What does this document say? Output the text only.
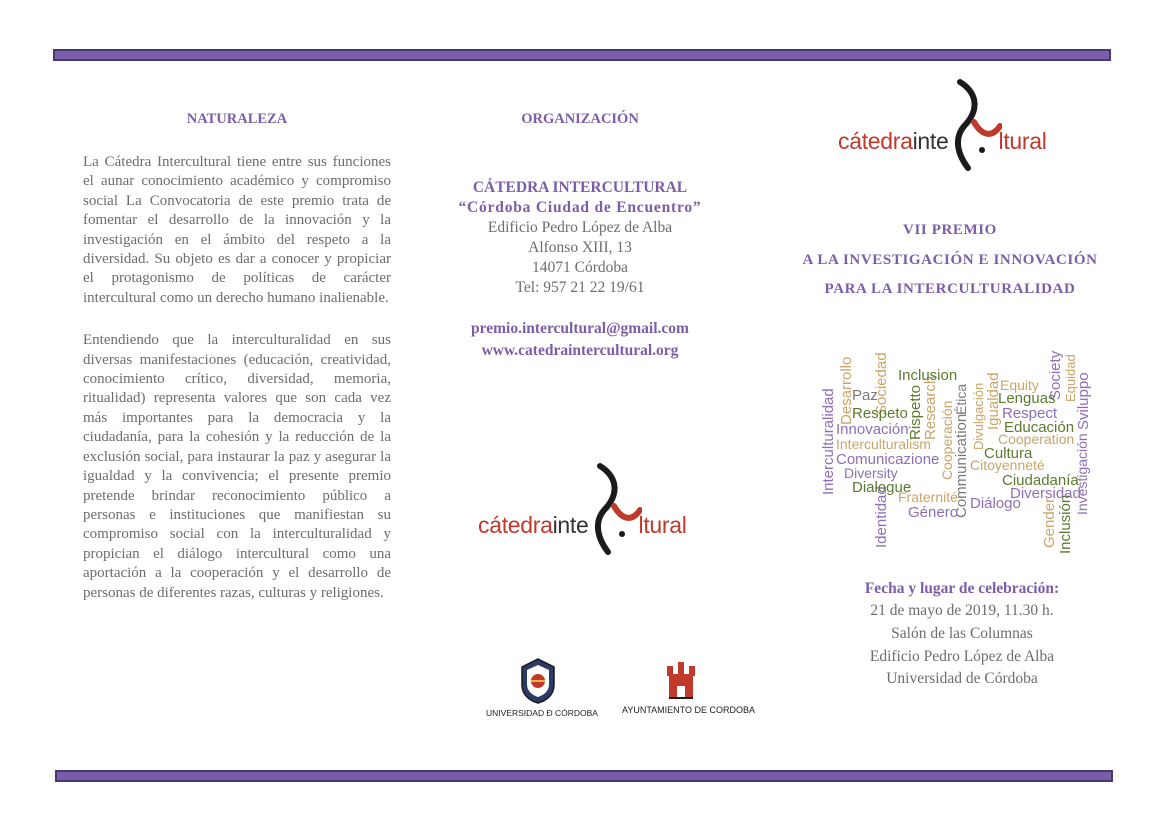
NATURALEZA

La Cátedra Intercultural tiene entre sus funciones el aunar conocimiento académico y compromiso social La Convocatoria de este premio trata de fomentar el desarrollo de la innovación y la investigación en el ámbito del respeto a la diversidad. Su objeto es dar a conocer y propiciar el protagonismo de políticas de carácter intercultural como un derecho humano inalienable.

Entendiendo que la interculturalidad en sus diversas manifestaciones (educación, creatividad, conocimiento crítico, diversidad, memoria, ritualidad) representa valores que son cada vez más importantes para la democracia y la ciudadanía, para la cohesión y la reducción de la exclusión social, para instaurar la paz y asegurar la igualdad y la convivencia; el presente premio pretende brindar reconocimiento público a personas e instituciones que manifiestan su compromiso social con la interculturalidad y propician el diálogo intercultural como una aportación a la cooperación y el desarrollo de personas de diferentes razas, culturas y religiones.

ORGANIZACIÓN
CÁTEDRA INTERCULTURAL
“Córdoba Ciudad de Encuentro”
Edificio Pedro López de Alba
Alfonso XIII, 13
14071 Córdoba
Tel: 957 21 22 19/61
premio.intercultural@gmail.com
www.catedraintercultural.org
cátedrainte ltural
UNIVERSIDAD Ð CÓRDOBA	AYUNTAMIENTO DE CORDOBA
cátedrainte ltural
VII PREMIO
A LA INVESTIGACIÓN E INNOVACIÓN
PARA LA INTERCULTURALIDAD
Interculturalidad Desarrollo Sociedad Rispetto
Research
Identidad
Cooperación
Communication
Ética Divulgación Igualdad
Gender Inclusión
Investigación
Society Equidad
Sviluppo
Inclusion
Paz
Respeto
Innovación
Interculturalism
Comunicazione
Diversity
Dialogue
Fraternité
Género
Equity
Lenguas
Respect
Educación
Cooperation
Cultura
Citoyenneté
Ciudadanía
Diversidad
Diálogo
Fecha y lugar de celebración:
21 de mayo de 2019, 11.30 h.
Salón de las Columnas
Edificio Pedro López de Alba
Universidad de Córdoba
